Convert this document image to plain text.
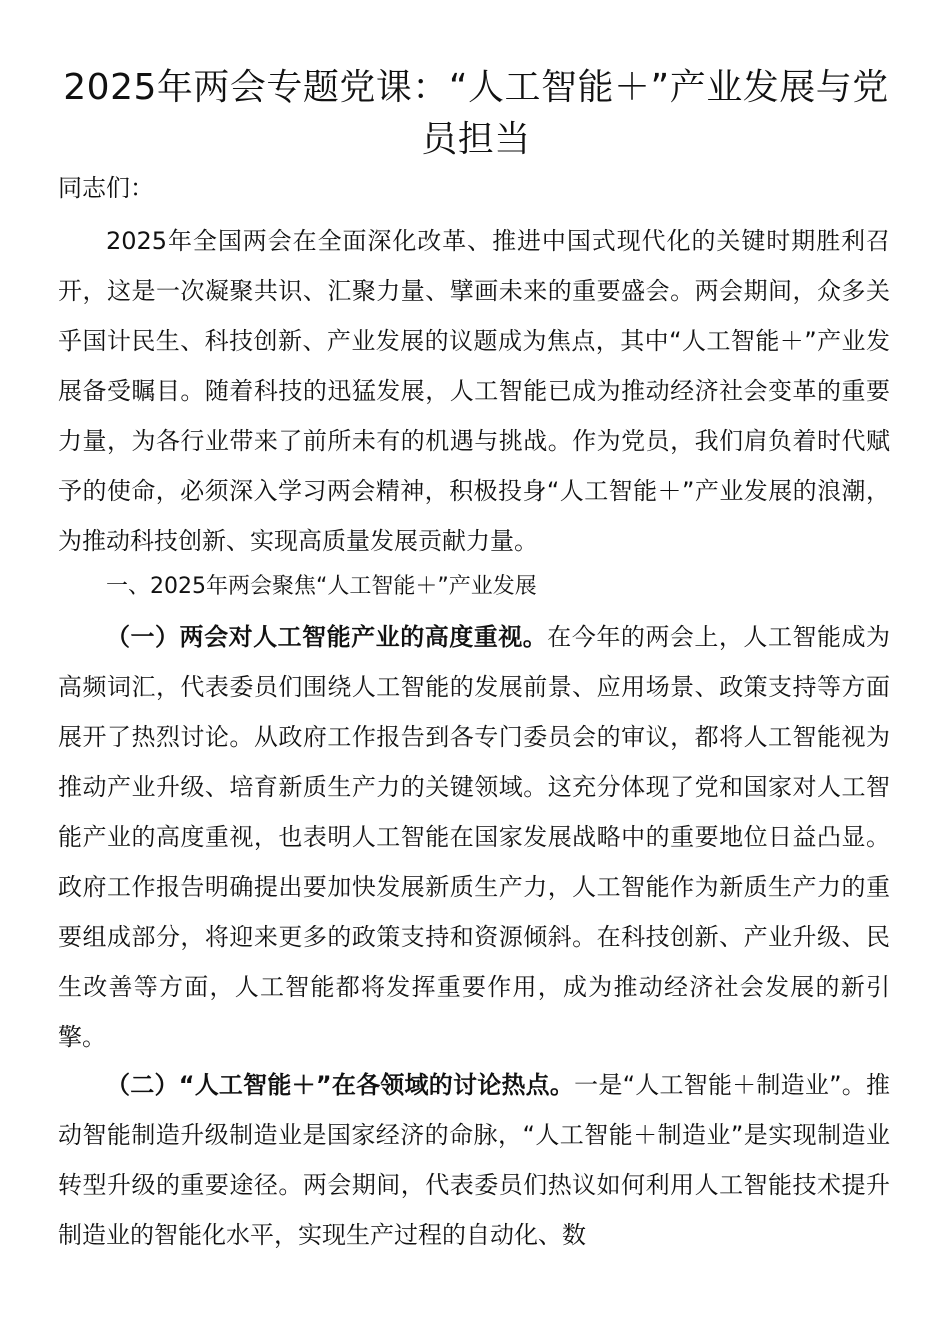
2025年两会专题党课：“人工智能＋”产业发展与党员担当

同志们：

2025年全国两会在全面深化改革、推进中国式现代化的关键时期胜利召开，这是一次凝聚共识、汇聚力量、擘画未来的重要盛会。两会期间，众多关乎国计民生、科技创新、产业发展的议题成为焦点，其中“人工智能＋”产业发展备受瞩目。随着科技的迅猛发展，人工智能已成为推动经济社会变革的重要力量，为各行业带来了前所未有的机遇与挑战。作为党员，我们肩负着时代赋予的使命，必须深入学习两会精神，积极投身“人工智能＋”产业发展的浪潮，为推动科技创新、实现高质量发展贡献力量。

一、2025年两会聚焦“人工智能＋”产业发展

（一）两会对人工智能产业的高度重视。在今年的两会上，人工智能成为高频词汇，代表委员们围绕人工智能的发展前景、应用场景、政策支持等方面展开了热烈讨论。从政府工作报告到各专门委员会的审议，都将人工智能视为推动产业升级、培育新质生产力的关键领域。这充分体现了党和国家对人工智能产业的高度重视，也表明人工智能在国家发展战略中的重要地位日益凸显。政府工作报告明确提出要加快发展新质生产力，人工智能作为新质生产力的重要组成部分，将迎来更多的政策支持和资源倾斜。在科技创新、产业升级、民生改善等方面，人工智能都将发挥重要作用，成为推动经济社会发展的新引擎。

（二）“人工智能＋”在各领域的讨论热点。一是“人工智能＋制造业”。推动智能制造升级制造业是国家经济的命脉，“人工智能＋制造业”是实现制造业转型升级的重要途径。两会期间，代表委员们热议如何利用人工智能技术提升制造业的智能化水平，实现生产过程的自动化、数
